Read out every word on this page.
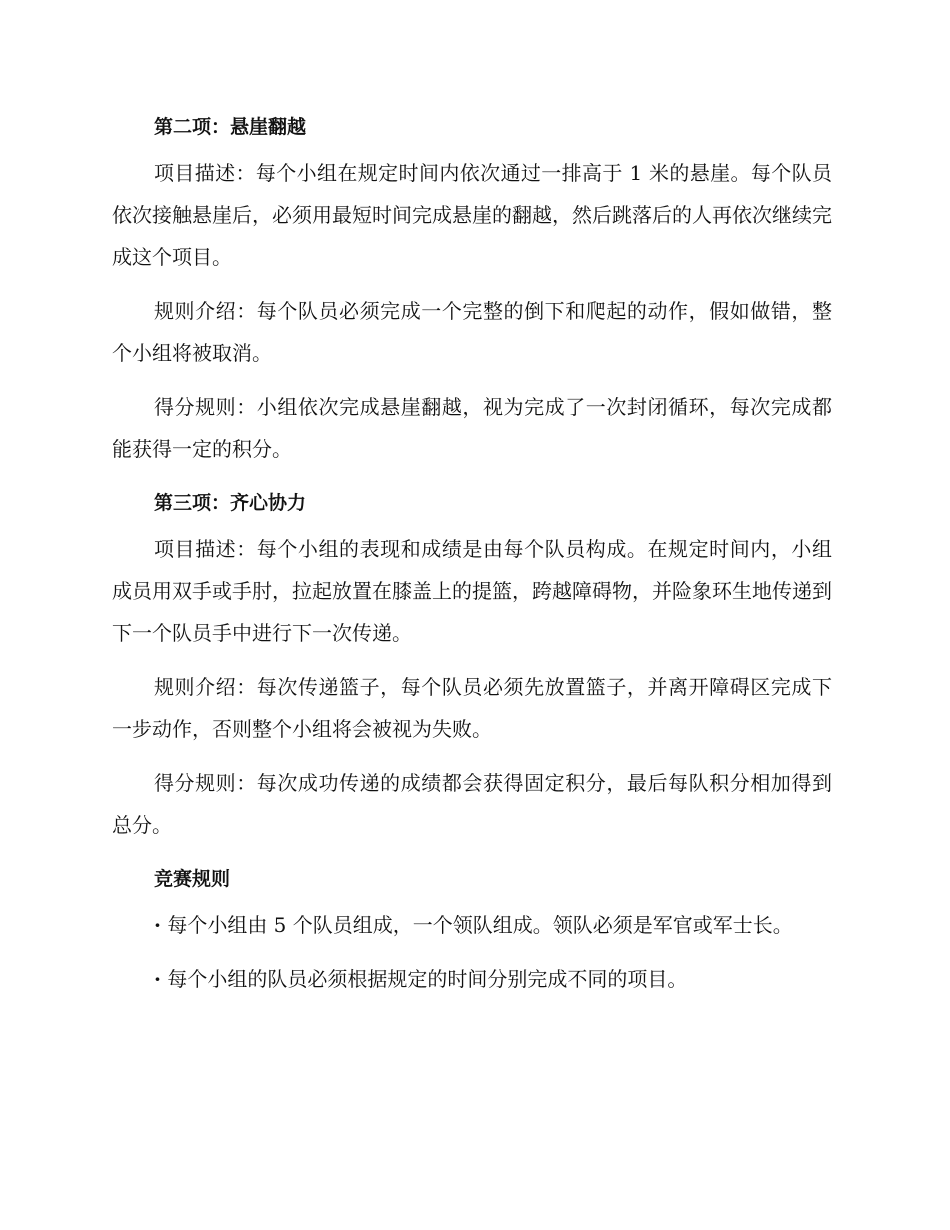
第二项：悬崖翻越

项目描述：每个小组在规定时间内依次通过一排高于 1 米的悬崖。每个队员依次接触悬崖后，必须用最短时间完成悬崖的翻越，然后跳落后的人再依次继续完成这个项目。

规则介绍：每个队员必须完成一个完整的倒下和爬起的动作，假如做错，整个小组将被取消。

得分规则：小组依次完成悬崖翻越，视为完成了一次封闭循环，每次完成都能获得一定的积分。

第三项：齐心协力

项目描述：每个小组的表现和成绩是由每个队员构成。在规定时间内，小组成员用双手或手肘，拉起放置在膝盖上的提篮，跨越障碍物，并险象环生地传递到下一个队员手中进行下一次传递。

规则介绍：每次传递篮子，每个队员必须先放置篮子，并离开障碍区完成下一步动作，否则整个小组将会被视为失败。

得分规则：每次成功传递的成绩都会获得固定积分，最后每队积分相加得到总分。

竞赛规则

· 每个小组由 5 个队员组成，一个领队组成。领队必须是军官或军士长。

· 每个小组的队员必须根据规定的时间分别完成不同的项目。
